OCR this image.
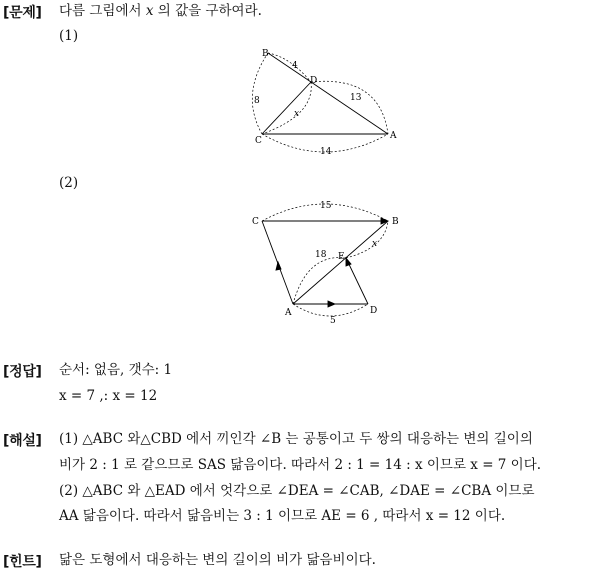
[문제] 다름 그림에서 x 의 값을 구하여라.
(1)
B
D
C	A
4
13
8
x
14
(2)
C	B
A	D
E
15
18
x
5
[정답] 순서: 없음, 갯수: 1
x = 7 ,: x = 12
[해설] (1) △ABC 와△CBD 에서 끼인각 ∠B 는 공통이고 두 쌍의 대응하는 변의 길이의
비가 2 : 1 로 같으므로 SAS 닮음이다. 따라서 2 : 1 = 14 : x 이므로 x = 7 이다.
(2) △ABC 와 △EAD 에서 엇각으로 ∠DEA = ∠CAB, ∠DAE = ∠CBA 이므로
AA 닮음이다. 따라서 닮음비는 3 : 1 이므로 AE = 6 , 따라서 x = 12 이다.
[힌트] 닮은 도형에서 대응하는 변의 길이의 비가 닮음비이다.
